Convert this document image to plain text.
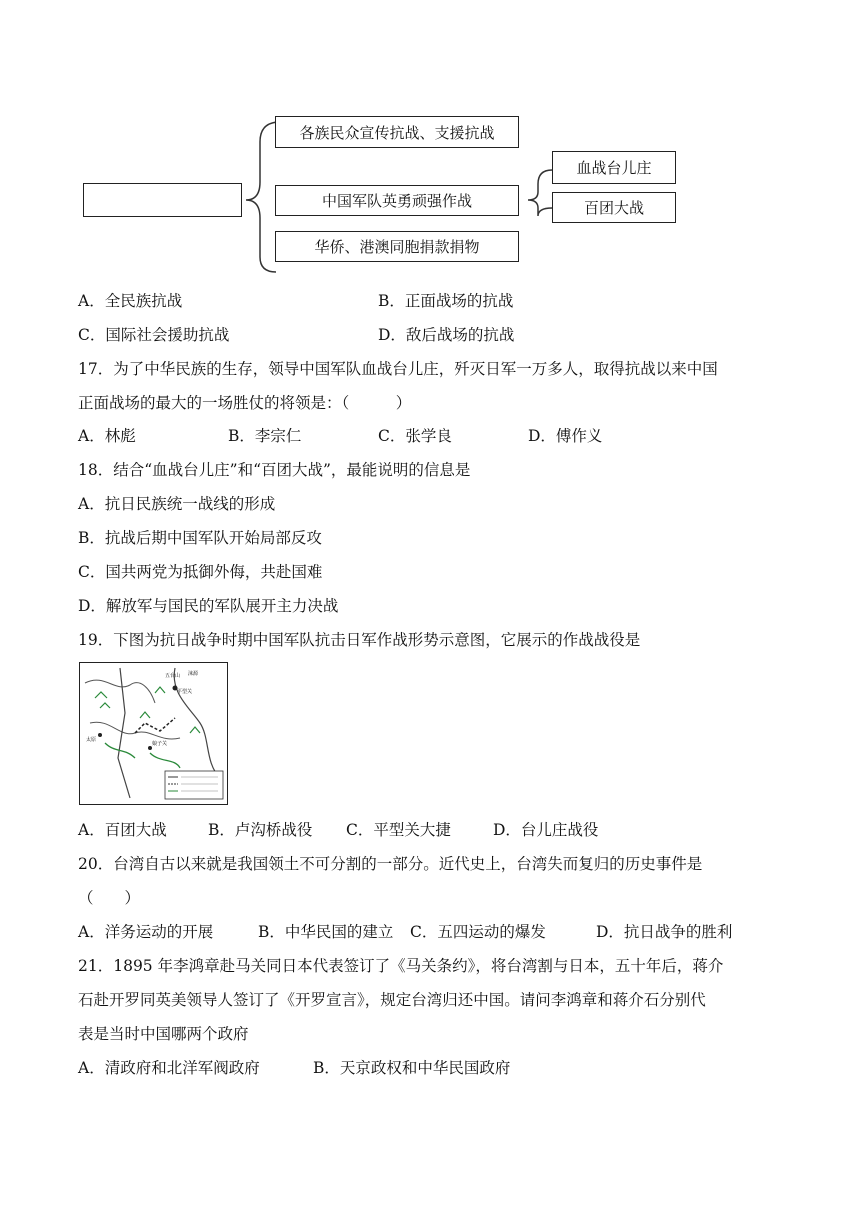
各族民众宣传抗战、支援抗战
中国军队英勇顽强作战
华侨、港澳同胞捐款捐物
血战台儿庄
百团大战
A．全民族抗战	B．正面战场的抗战
C．国际社会援助抗战	D．敌后战场的抗战
17．为了中华民族的生存，领导中国军队血战台儿庄，歼灭日军一万多人，取得抗战以来中国
正面战场的最大的一场胜仗的将领是：（　　　）
A．林彪	B．李宗仁	C．张学良	D．傅作义
18．结合“血战台儿庄”和“百团大战”，最能说明的信息是
A．抗日民族统一战线的形成
B．抗战后期中国军队开始局部反攻
C．国共两党为抵御外侮，共赴国难
D．解放军与国民的军队展开主力决战
19．下图为抗日战争时期中国军队抗击日军作战形势示意图，它展示的作战战役是
五台山
平型关
涞源
太原
娘子关
A．百团大战	B．卢沟桥战役 C．平型关大捷	D．台儿庄战役
20．台湾自古以来就是我国领土不可分割的一部分。近代史上，台湾失而复归的历史事件是
（　　）
A．洋务运动的开展	B．中华民国的建立 C．五四运动的爆发	D．抗日战争的胜利
21．1895 年李鸿章赴马关同日本代表签订了《马关条约》，将台湾割与日本，五十年后，蒋介
石赴开罗同英美领导人签订了《开罗宣言》，规定台湾归还中国。请问李鸿章和蒋介石分别代
表是当时中国哪两个政府
A．清政府和北洋军阀政府	B．天京政权和中华民国政府
